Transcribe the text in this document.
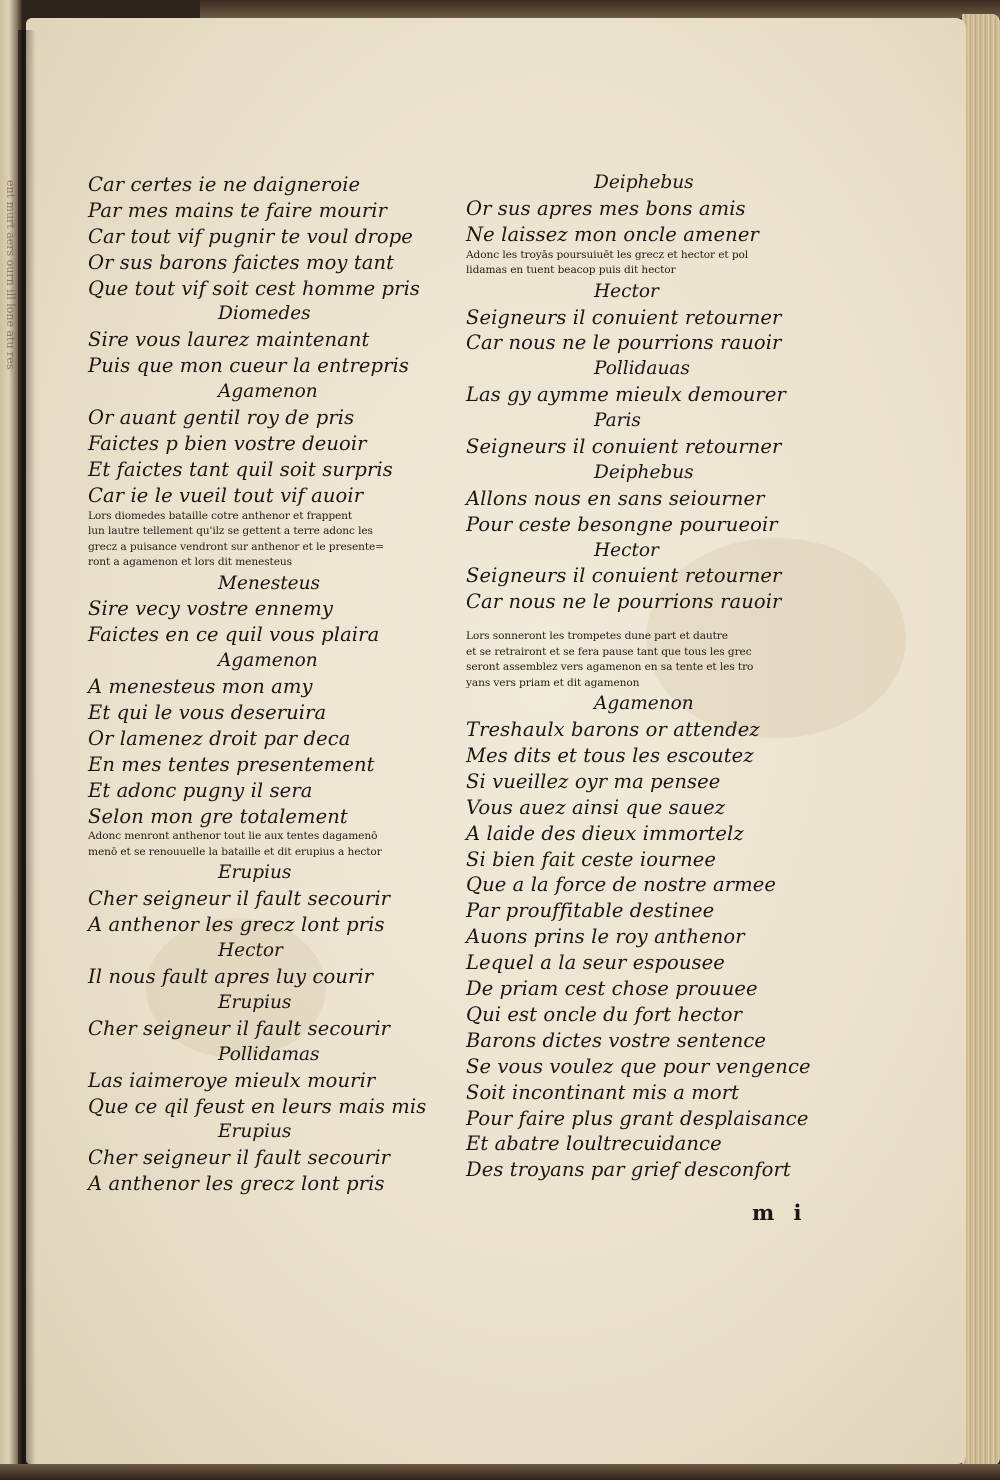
ent murt aers ourn ill lone atu res	Car certes ie ne daigneroie
Par mes mains te faire mourir
Car tout vif pugnir te voul drope
Or sus barons faictes moy tant
Que tout vif soit cest homme pris
Diomedes
Sire vous laurez maintenant
Puis que mon cueur la entrepris
Agamenon
Or auant gentil roy de pris
Faictes p bien vostre deuoir
Et faictes tant quil soit surpris
Car ie le vueil tout vif auoir
Lors diomedes bataille cotre anthenor et frappent
lun lautre tellement qu'ilz se gettent a terre adonc les
grecz a puisance vendront sur anthenor et le presente=
ront a agamenon et lors dit menesteus
Menesteus
Sire vecy vostre ennemy
Faictes en ce quil vous plaira
Agamenon
A menesteus mon amy
Et qui le vous deseruira
Or lamenez droit par deca
En mes tentes presentement
Et adonc pugny il sera
Selon mon gre totalement
Adonc menront anthenor tout lie aux tentes dagamenō
menō et se renouuelle la bataille et dit erupius a hector
Erupius
Cher seigneur il fault secourir
A anthenor les grecz lont pris
Hector
Il nous fault apres luy courir
Erupius
Cher seigneur il fault secourir
Pollidamas
Las iaimeroye mieulx mourir
Que ce qil feust en leurs mais mis
Erupius
Cher seigneur il fault secourir
A anthenor les grecz lont pris
Deiphebus
Or sus apres mes bons amis
Ne laissez mon oncle amener
Adonc les troyās poursuiuēt les grecz et hector et pol
lidamas en tuent beacop puis dit hector
Hector
Seigneurs il conuient retourner
Car nous ne le pourrions rauoir
Pollidauas
Las gy aymme mieulx demourer
Paris
Seigneurs il conuient retourner
Deiphebus
Allons nous en sans seiourner
Pour ceste besongne pourueoir
Hector
Seigneurs il conuient retourner
Car nous ne le pourrions rauoir
Lors sonneront les trompetes dune part et dautre
et se retrairont et se fera pause tant que tous les grec
seront assemblez vers agamenon en sa tente et les tro
yans vers priam et dit agamenon
Agamenon
Treshaulx barons or attendez
Mes dits et tous les escoutez
Si vueillez oyr ma pensee
Vous auez ainsi que sauez
A laide des dieux immortelz
Si bien fait ceste iournee
Que a la force de nostre armee
Par prouffitable destinee
Auons prins le roy anthenor
Lequel a la seur espousee
De priam cest chose prouuee
Qui est oncle du fort hector
Barons dictes vostre sentence
Se vous voulez que pour vengence
Soit incontinant mis a mort
Pour faire plus grant desplaisance
Et abatre loultrecuidance
Des troyans par grief desconfort
m i
